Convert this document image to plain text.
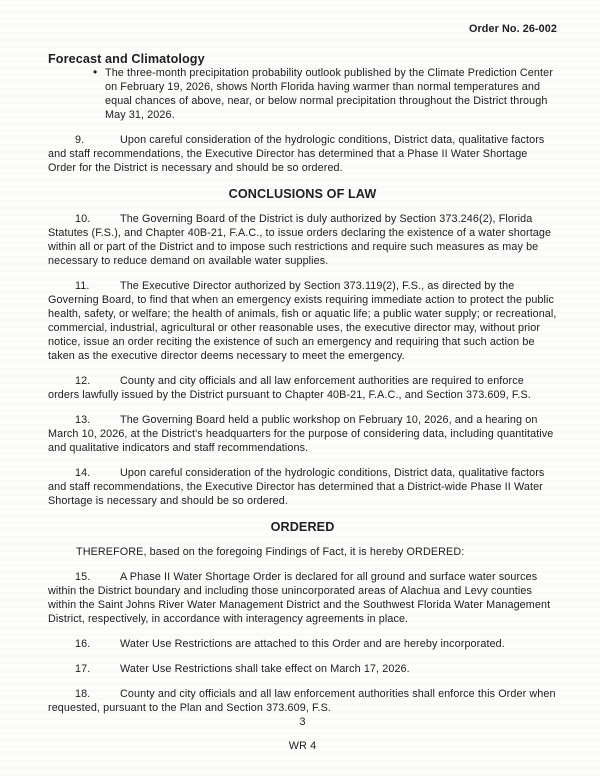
Order No. 26-002

Forecast and Climatology
• The three-month precipitation probability outlook published by the Climate Prediction Center on February 19, 2026, shows North Florida having warmer than normal temperatures and equal chances of above, near, or below normal precipitation throughout the District through May 31, 2026.

9.	Upon careful consideration of the hydrologic conditions, District data, qualitative factors and staff recommendations, the Executive Director has determined that a Phase II Water Shortage Order for the District is necessary and should be so ordered.

CONCLUSIONS OF LAW

10.	The Governing Board of the District is duly authorized by Section 373.246(2), Florida Statutes (F.S.), and Chapter 40B-21, F.A.C., to issue orders declaring the existence of a water shortage within all or part of the District and to impose such restrictions and require such measures as may be necessary to reduce demand on available water supplies.

11.	The Executive Director authorized by Section 373.119(2), F.S., as directed by the Governing Board, to find that when an emergency exists requiring immediate action to protect the public health, safety, or welfare; the health of animals, fish or aquatic life; a public water supply; or recreational, commercial, industrial, agricultural or other reasonable uses, the executive director may, without prior notice, issue an order reciting the existence of such an emergency and requiring that such action be taken as the executive director deems necessary to meet the emergency.

12.	County and city officials and all law enforcement authorities are required to enforce orders lawfully issued by the District pursuant to Chapter 40B-21, F.A.C., and Section 373.609, F.S.

13.	The Governing Board held a public workshop on February 10, 2026, and a hearing on March 10, 2026, at the District's headquarters for the purpose of considering data, including quantitative and qualitative indicators and staff recommendations.

14.	Upon careful consideration of the hydrologic conditions, District data, qualitative factors and staff recommendations, the Executive Director has determined that a District-wide Phase II Water Shortage is necessary and should be so ordered.

ORDERED

THEREFORE, based on the foregoing Findings of Fact, it is hereby ORDERED:

15.	A Phase II Water Shortage Order is declared for all ground and surface water sources within the District boundary and including those unincorporated areas of Alachua and Levy counties within the Saint Johns River Water Management District and the Southwest Florida Water Management District, respectively, in accordance with interagency agreements in place.

16.	Water Use Restrictions are attached to this Order and are hereby incorporated.

17.	Water Use Restrictions shall take effect on March 17, 2026.

18.	County and city officials and all law enforcement authorities shall enforce this Order when requested, pursuant to the Plan and Section 373.609, F.S.

3

WR 4
